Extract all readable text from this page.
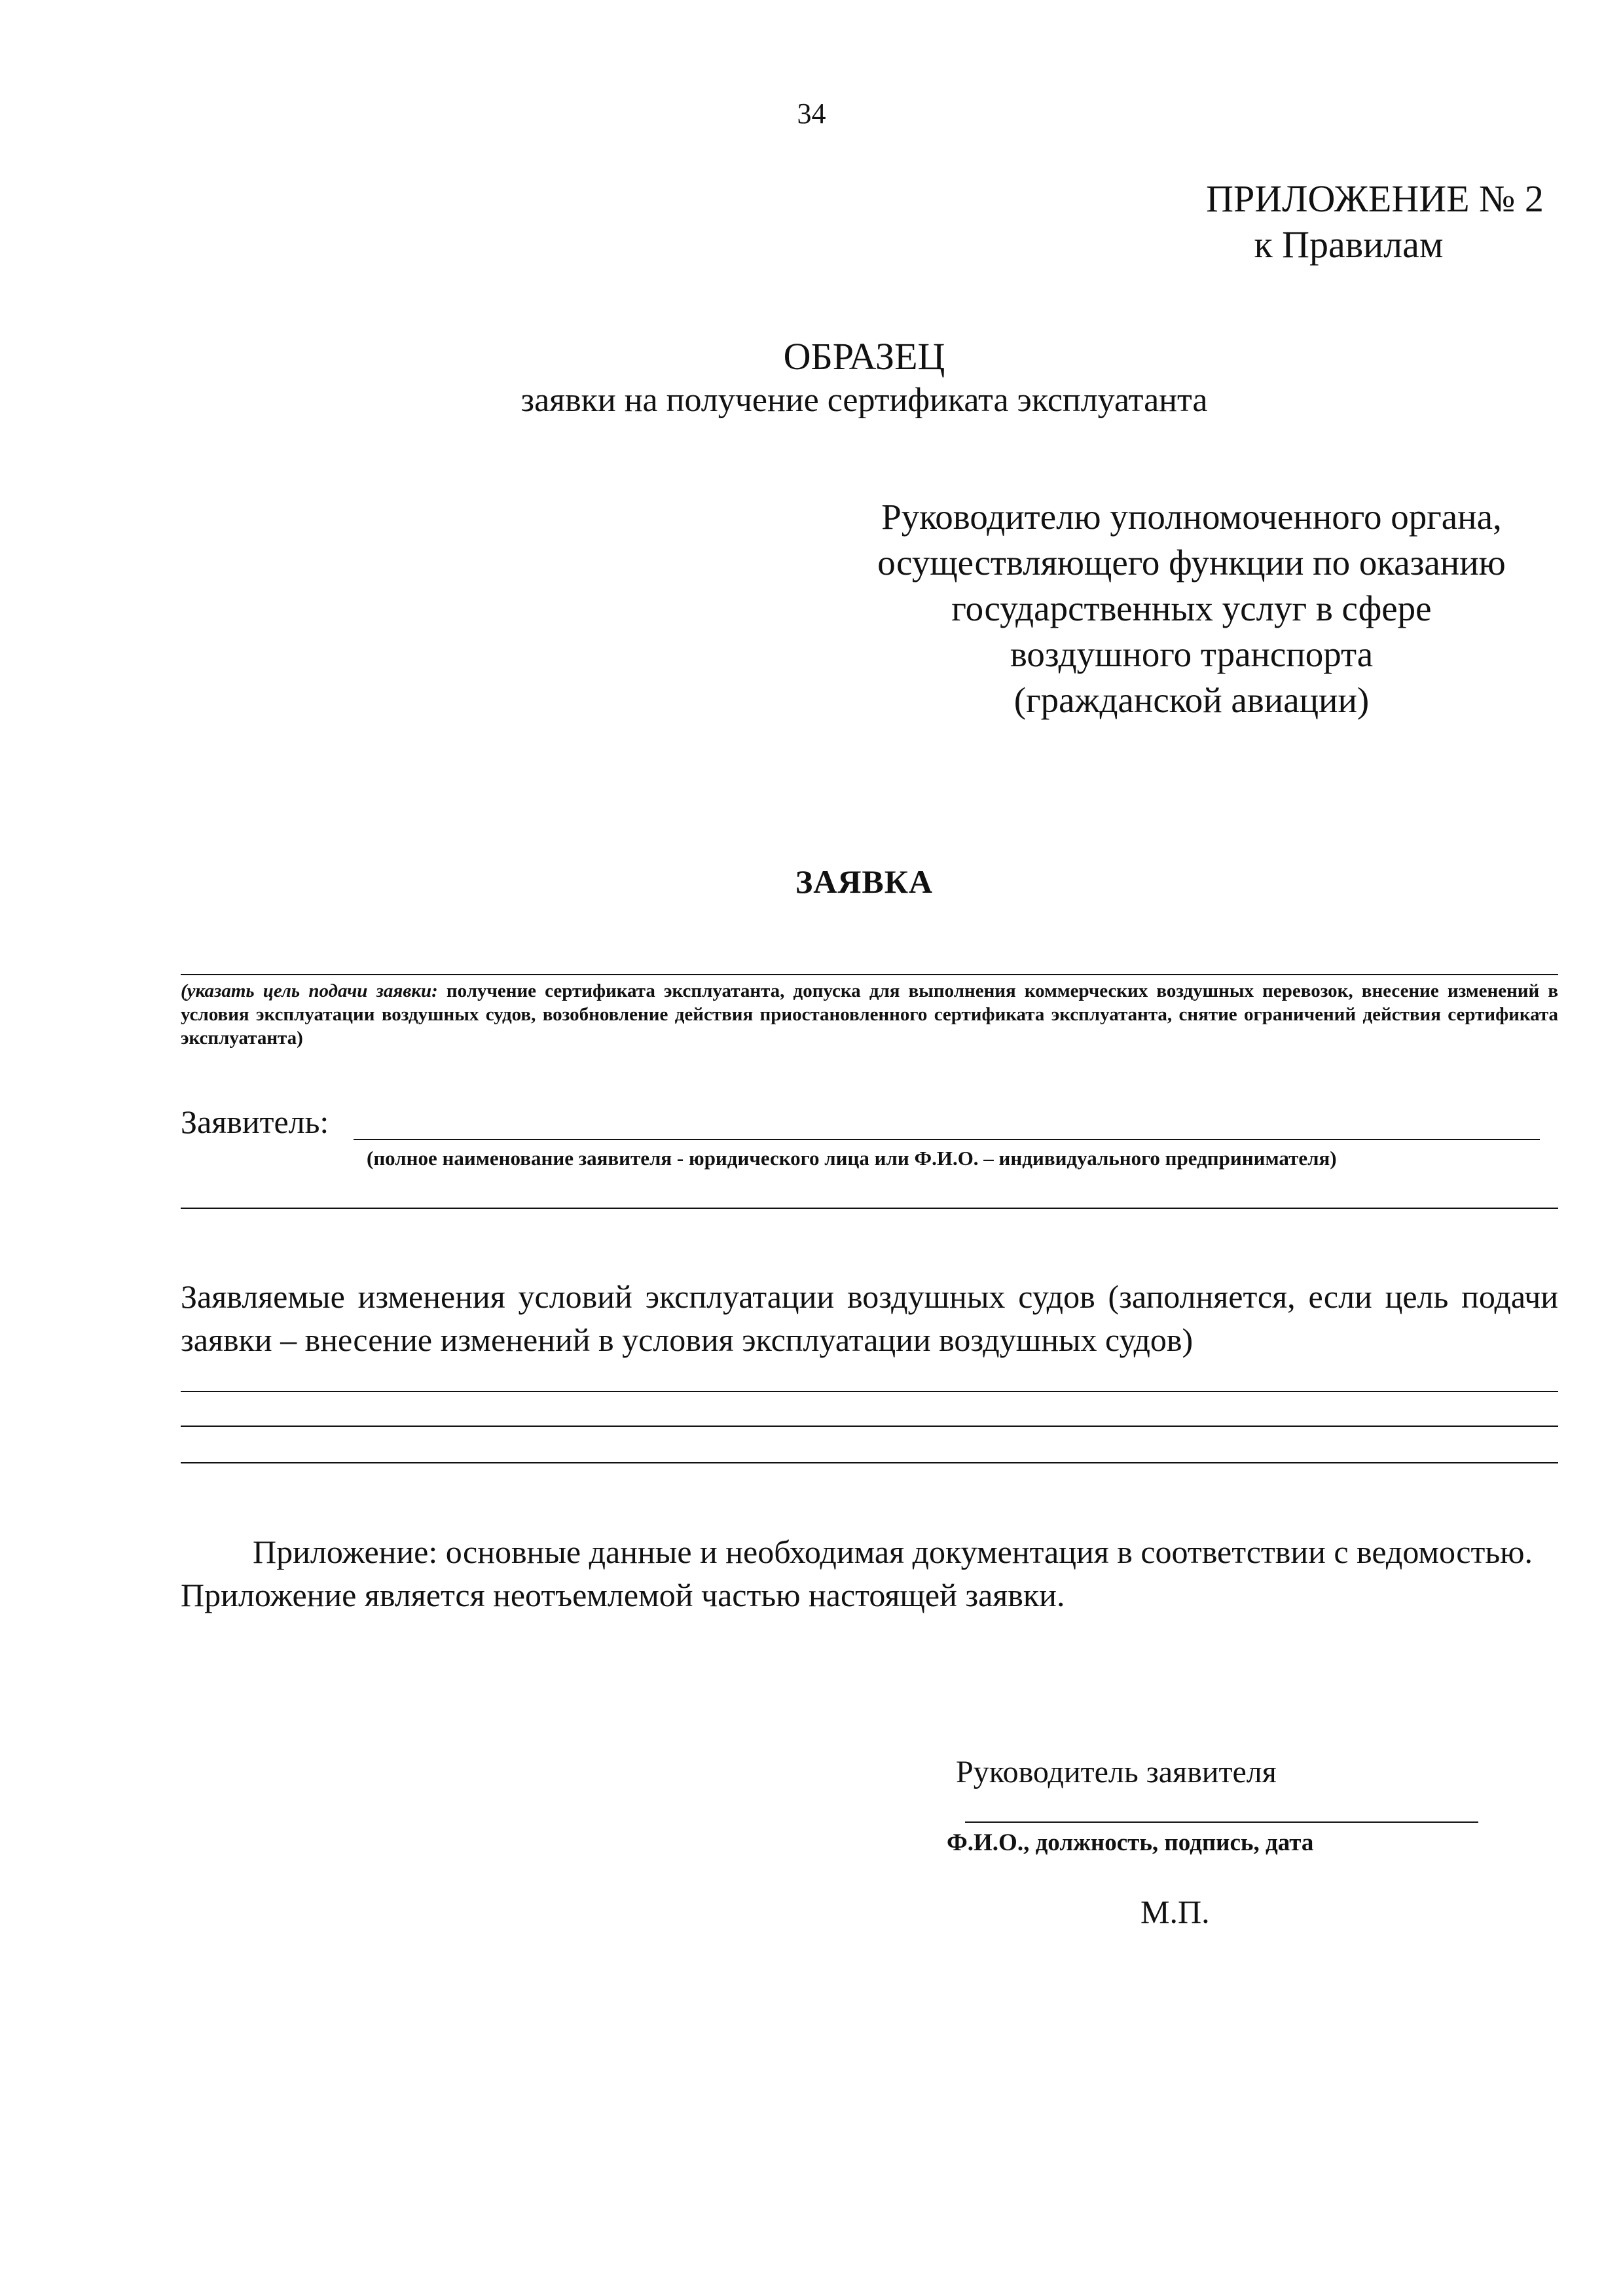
34
ПРИЛОЖЕНИЕ № 2
к Правилам
ОБРАЗЕЦ
заявки на получение сертификата эксплуатанта
Руководителю уполномоченного органа,
осуществляющего функции по оказанию
государственных услуг в сфере
воздушного транспорта
(гражданской авиации)
ЗАЯВКА
(указать цель подачи заявки: получение сертификата эксплуатанта, допуска для выполнения коммерческих воздушных перевозок, внесение изменений в условия эксплуатации воздушных судов, возобновление действия приостановленного сертификата эксплуатанта, снятие ограничений действия сертификата эксплуатанта)
Заявитель:
(полное наименование заявителя - юридического лица или Ф.И.О. – индивидуального предпринимателя)
Заявляемые изменения условий эксплуатации воздушных судов (заполняется, если цель подачи заявки – внесение изменений в условия эксплуатации воздушных судов)

Приложение: основные данные и необходимая документация в соответствии с ведомостью.

Приложение является неотъемлемой частью настоящей заявки.

Руководитель заявителя
Ф.И.О., должность, подпись, дата
М.П.
